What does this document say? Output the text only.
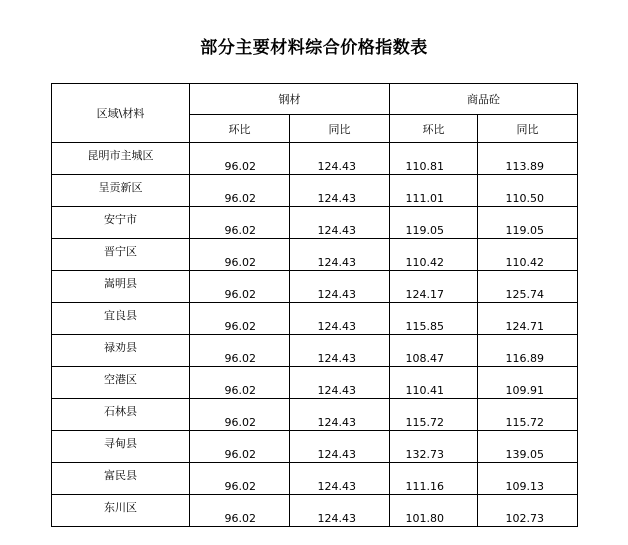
部分主要材料综合价格指数表
区域\材料	钢材		商品砼	
	环比	同比	环比	同比
昆明市主城区	96.02	124.43	110.81	113.89
呈贡新区	96.02	124.43	111.01	110.50
安宁市	96.02	124.43	119.05	119.05
晋宁区	96.02	124.43	110.42	110.42
嵩明县	96.02	124.43	124.17	125.74
宜良县	96.02	124.43	115.85	124.71
禄劝县	96.02	124.43	108.47	116.89
空港区	96.02	124.43	110.41	109.91
石林县	96.02	124.43	115.72	115.72
寻甸县	96.02	124.43	132.73	139.05
富民县	96.02	124.43	111.16	109.13
东川区	96.02	124.43	101.80	102.73
